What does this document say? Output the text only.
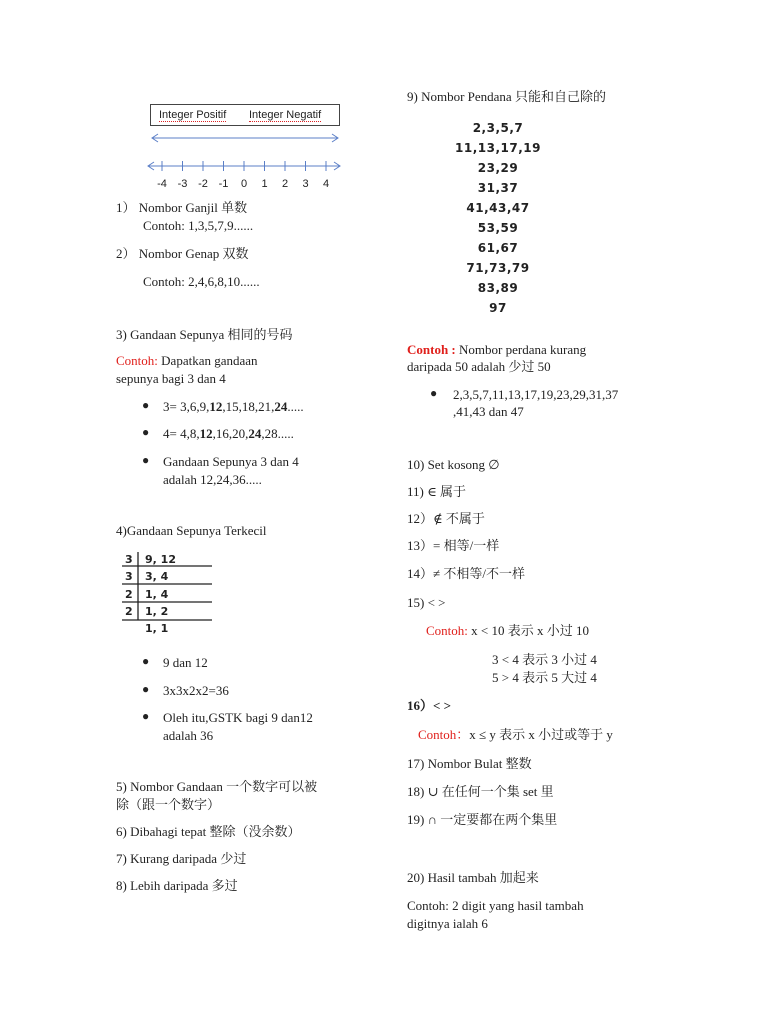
Integer Positif Integer Negatif
-4 -3 -2 -1 0 1 2 3 4
1） Nombor Ganjil 单数
Contoh: 1,3,5,7,9......
2） Nombor Genap 双数
Contoh: 2,4,6,8,10......
3) Gandaan Sepunya 相同的号码
Contoh: Dapatkan gandaan
sepunya bagi 3 dan 4
● 3= 3,6,9,12,15,18,21,24.....
● 4= 4,8,12,16,20,24,28.....
● Gandaan Sepunya 3 dan 4
adalah 12,24,36.....
4)Gandaan Sepunya Terkecil
3
3
2
2
9, 12
3, 4
1, 4
1, 2
1, 1
● 9 dan 12
● 3x3x2x2=36
● Oleh itu,GSTK bagi 9 dan12
adalah 36
5) Nombor Gandaan 一个数字可以被
除（跟一个数字）
6) Dibahagi tepat 整除（没余数）
7) Kurang daripada 少过
8) Lebih daripada 多过
9) Nombor Pendana 只能和自己除的
2,3,5,7
11,13,17,19
23,29
31,37
41,43,47
53,59
61,67
71,73,79
83,89
97
Contoh : Nombor perdana kurang
daripada 50 adalah 少过 50
● 2,3,5,7,11,13,17,19,23,29,31,37
,41,43 dan 47
10) Set kosong ∅
11) ∈ 属于
12）∉ 不属于
13）= 相等/一样
14）≠ 不相等/不一样
15) < >
Contoh: x < 10 表示 x 小过 10
3 < 4 表示 3 小过 4
5 > 4 表示 5 大过 4
16）< >
Contoh：x ≤ y 表示 x 小过或等于 y
17) Nombor Bulat 整数
18) ∪ 在任何一个集 set 里
19) ∩ 一定要都在两个集里
20) Hasil tambah 加起来
Contoh: 2 digit yang hasil tambah
digitnya ialah 6
